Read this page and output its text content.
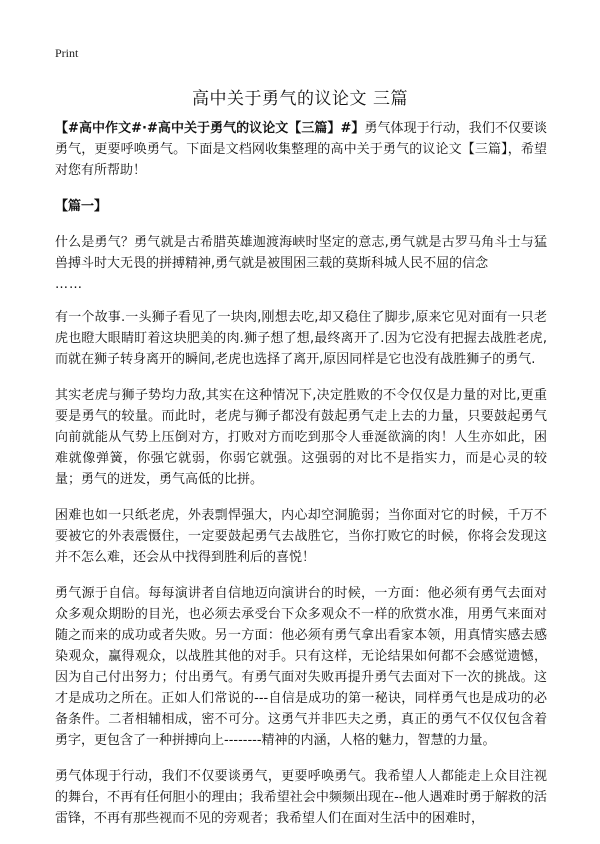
Print
高中关于勇气的议论文 三篇

【#高中作文#·#高中关于勇气的议论文【三篇】#】勇气体现于行动，我们不仅要谈勇气，更要呼唤勇气。下面是文档网收集整理的高中关于勇气的议论文【三篇】，希望对您有所帮助！

【篇一】

什么是勇气？勇气就是古希腊英雄迦渡海峡时坚定的意志,勇气就是古罗马角斗士与猛兽搏斗时大无畏的拼搏精神,勇气就是被围困三载的莫斯科城人民不屈的信念
……

有一个故事.一头狮子看见了一块肉,刚想去吃,却又稳住了脚步,原来它见对面有一只老虎也瞪大眼睛盯着这块肥美的肉.狮子想了想,最终离开了.因为它没有把握去战胜老虎,而就在狮子转身离开的瞬间,老虎也选择了离开,原因同样是它也没有战胜狮子的勇气.

其实老虎与狮子势均力敌,其实在这种情况下,决定胜败的不令仅仅是力量的对比,更重要是勇气的较量。而此时，老虎与狮子都没有鼓起勇气走上去的力量，只要鼓起勇气向前就能从气势上压倒对方，打败对方而吃到那令人垂涎欲滴的肉！人生亦如此，困难就像弹簧，你强它就弱，你弱它就强。这强弱的对比不是指实力，而是心灵的较量；勇气的迸发，勇气高低的比拼。

困难也如一只纸老虎，外表剽悍强大，内心却空洞脆弱；当你面对它的时候，千万不要被它的外表震慑住，一定要鼓起勇气去战胜它，当你打败它的时候，你将会发现这并不怎么难，还会从中找得到胜利后的喜悦！

勇气源于自信。每每演讲者自信地迈向演讲台的时候，一方面：他必须有勇气去面对众多观众期盼的目光，也必须去承受台下众多观众不一样的欣赏水准，用勇气来面对随之而来的成功或者失败。另一方面：他必须有勇气拿出看家本领，用真情实感去感染观众，赢得观众，以战胜其他的对手。只有这样，无论结果如何都不会感觉遗憾，因为自己付出努力；付出勇气。有勇气面对失败再提升勇气去面对下一次的挑战。这才是成功之所在。正如人们常说的---自信是成功的第一秘诀，同样勇气也是成功的必备条件。二者相辅相成，密不可分。这勇气并非匹夫之勇，真正的勇气不仅仅包含着勇字，更包含了一种拼搏向上--------精神的内涵，人格的魅力，智慧的力量。

勇气体现于行动，我们不仅要谈勇气，更要呼唤勇气。我希望人人都能走上众目注视的舞台，不再有任何胆小的理由；我希望社会中频频出现在--他人遇难时勇于解救的活雷锋，不再有那些视而不见的旁观者；我希望人们在面对生活中的困难时，
